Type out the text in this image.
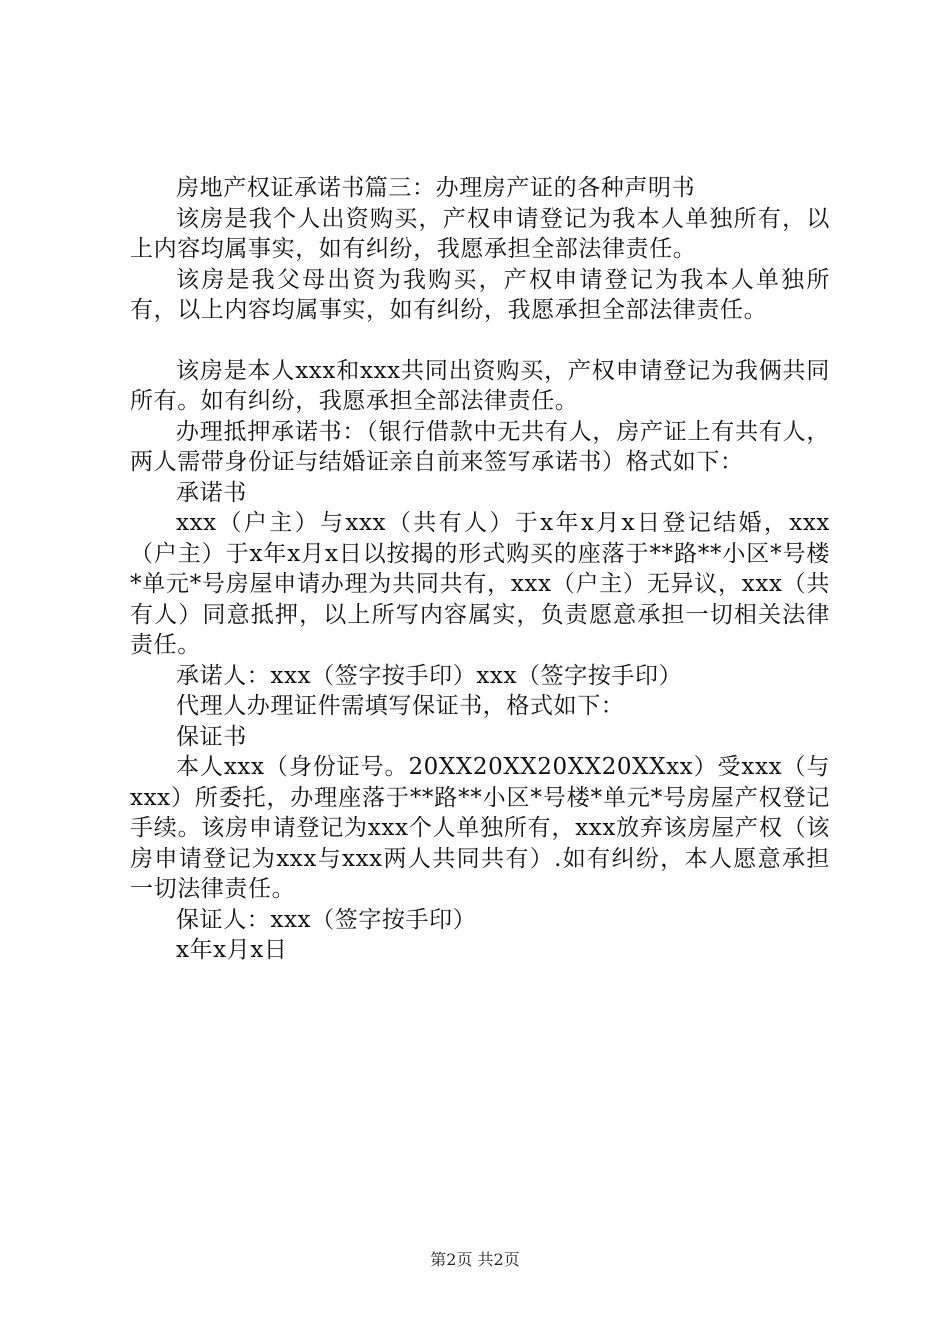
房地产权证承诺书篇三：办理房产证的各种声明书

该房是我个人出资购买，产权申请登记为我本人单独所有，以上内容均属事实，如有纠纷，我愿承担全部法律责任。

该房是我父母出资为我购买，产权申请登记为我本人单独所有，以上内容均属事实，如有纠纷，我愿承担全部法律责任。

该房是本人xxx和xxx共同出资购买，产权申请登记为我俩共同所有。如有纠纷，我愿承担全部法律责任。

办理抵押承诺书：（银行借款中无共有人，房产证上有共有人，两人需带身份证与结婚证亲自前来签写承诺书）格式如下：

承诺书

xxx（户主）与xxx（共有人）于x年x月x日登记结婚，xxx（户主）于x年x月x日以按揭的形式购买的座落于**路**小区*号楼*单元*号房屋申请办理为共同共有，xxx（户主）无异议，xxx（共有人）同意抵押，以上所写内容属实，负责愿意承担一切相关法律责任。

承诺人：xxx（签字按手印）xxx（签字按手印）

代理人办理证件需填写保证书，格式如下：

保证书

本人xxx（身份证号。20XX20XX20XX20XXxx）受xxx（与xxx）所委托，办理座落于**路**小区*号楼*单元*号房屋产权登记手续。该房申请登记为xxx个人单独所有，xxx放弃该房屋产权（该房申请登记为xxx与xxx两人共同共有）.如有纠纷，本人愿意承担一切法律责任。

保证人：xxx（签字按手印）

x年x月x日

第2页 共2页
